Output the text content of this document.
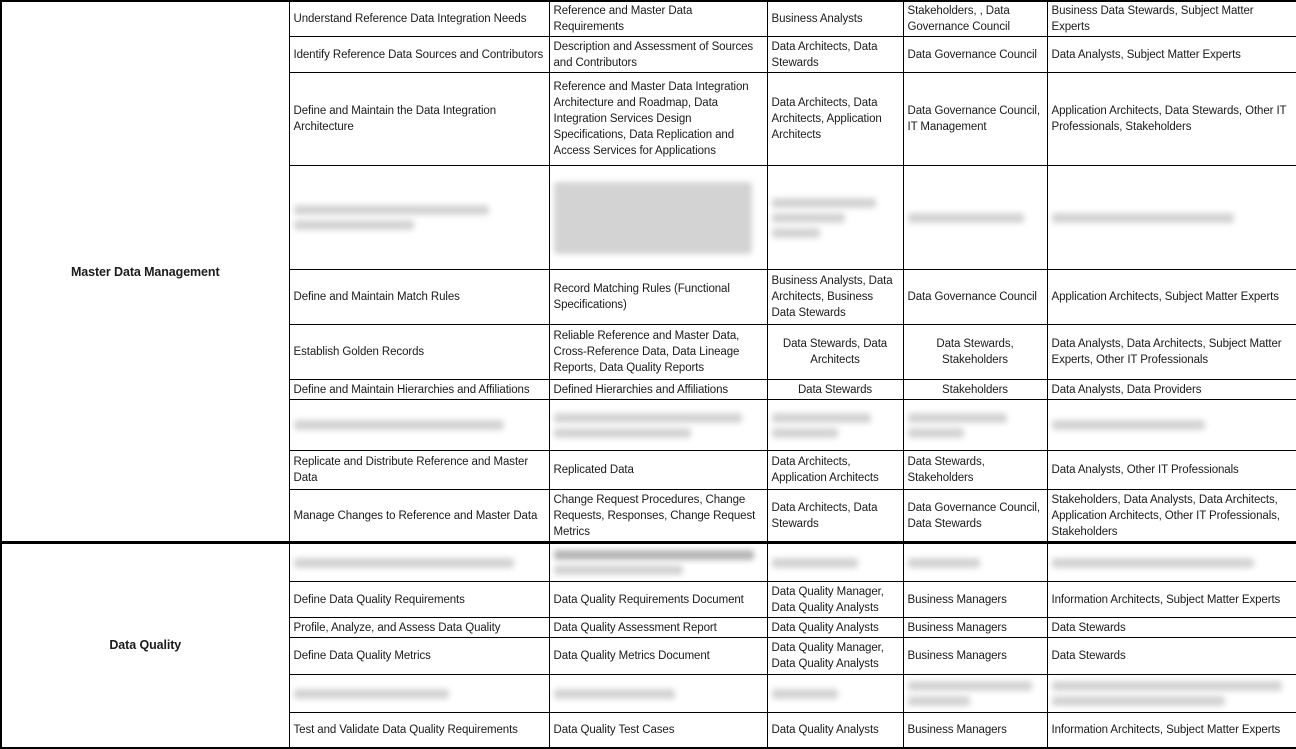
Master Data Management	Understand Reference Data Integration Needs	Reference and Master Data Requirements	Business Analysts	Stakeholders, , Data Governance Council	Business Data Stewards, Subject Matter Experts
	Identify Reference Data Sources and Contributors	Description and Assessment of Sources and Contributors	Data Architects, Data Stewards	Data Governance Council	Data Analysts, Subject Matter Experts
	Define and Maintain the Data Integration Architecture	Reference and Master Data Integration Architecture and Roadmap, Data Integration Services Design Specifications, Data Replication and Access Services for Applications	Data Architects, Data Architects, Application Architects	Data Governance Council, IT Management	Application Architects, Data Stewards, Other IT Professionals, Stakeholders

	Define and Maintain Match Rules	Record Matching Rules (Functional Specifications)	Business Analysts, Data Architects, Business Data Stewards	Data Governance Council	Application Architects, Subject Matter Experts
	Establish Golden Records	Reliable Reference and Master Data, Cross-Reference Data, Data Lineage Reports, Data Quality Reports	Data Stewards, Data Architects	Data Stewards, Stakeholders	Data Analysts, Data Architects, Subject Matter Experts, Other IT Professionals
	Define and Maintain Hierarchies and Affiliations	Defined Hierarchies and Affiliations	Data Stewards	Stakeholders	Data Analysts, Data Providers

	Replicate and Distribute Reference and Master Data	Replicated Data	Data Architects, Application Architects	Data Stewards, Stakeholders	Data Analysts, Other IT Professionals
	Manage Changes to Reference and Master Data	Change Request Procedures, Change Requests, Responses, Change Request Metrics	Data Architects, Data Stewards	Data Governance Council, Data Stewards	Stakeholders, Data Analysts, Data Architects, Application Architects, Other IT Professionals, Stakeholders
Data Quality	

	Define Data Quality Requirements	Data Quality Requirements Document	Data Quality Manager, Data Quality Analysts	Business Managers	Information Architects, Subject Matter Experts
	Profile, Analyze, and Assess Data Quality	Data Quality Assessment Report	Data Quality Analysts	Business Managers	Data Stewards
	Define Data Quality Metrics	Data Quality Metrics Document	Data Quality Manager, Data Quality Analysts	Business Managers	Data Stewards

	Test and Validate Data Quality Requirements	Data Quality Test Cases	Data Quality Analysts	Business Managers	Information Architects, Subject Matter Experts
